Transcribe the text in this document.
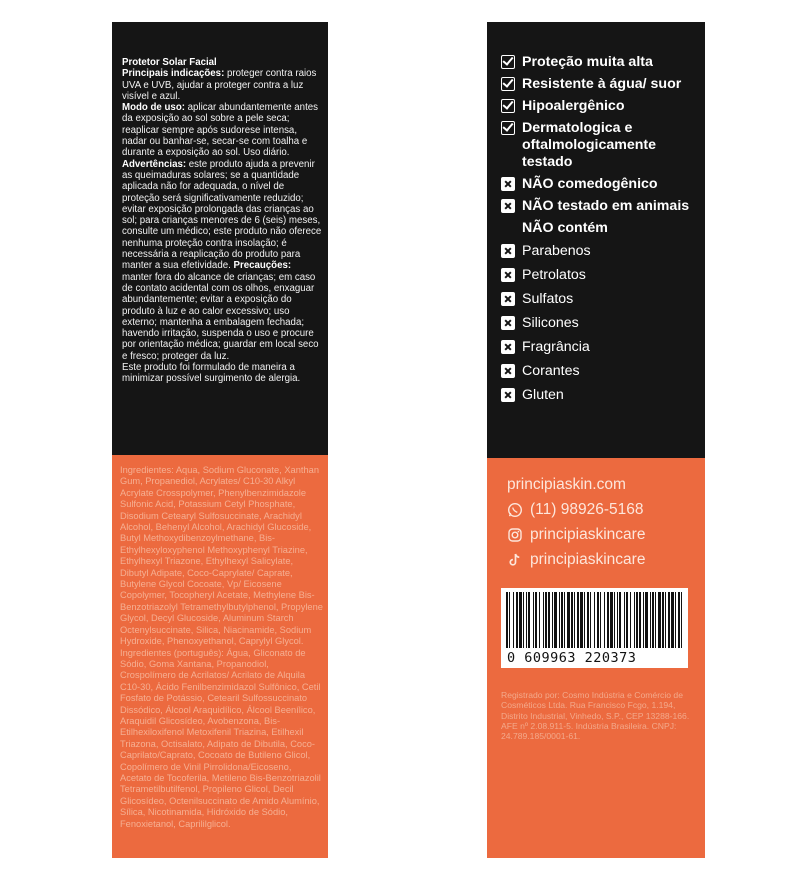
Protetor Solar Facial
Principais indicações: proteger contra raios UVA e UVB, ajudar a proteger contra a luz visível e azul.
Modo de uso: aplicar abundantemente antes da exposição ao sol sobre a pele seca; reaplicar sempre após sudorese intensa, nadar ou banhar-se, secar-se com toalha e durante a exposição ao sol. Uso diário.
Advertências: este produto ajuda a prevenir as queimaduras solares; se a quantidade aplicada não for adequada, o nível de proteção será significativamente reduzido; evitar exposição prolongada das crianças ao sol; para crianças menores de 6 (seis) meses, consulte um médico; este produto não oferece nenhuma proteção contra insolação; é necessária a reaplicação do produto para manter a sua efetividade. Precauções: manter fora do alcance de crianças; em caso de contato acidental com os olhos, enxaguar abundantemente; evitar a exposição do produto à luz e ao calor excessivo; uso externo; mantenha a embalagem fechada; havendo irritação, suspenda o uso e procure por orientação médica; guardar em local seco e fresco; proteger da luz.
Este produto foi formulado de maneira a minimizar possível surgimento de alergia.
Ingredientes: Aqua, Sodium Gluconate, Xanthan Gum, Propanediol, Acrylates/ C10-30 Alkyl Acrylate Crosspolymer, Phenylbenzimidazole Sulfonic Acid, Potassium Cetyl Phosphate, Disodium Cetearyl Sulfosuccinate, Arachidyl Alcohol, Behenyl Alcohol, Arachidyl Glucoside, Butyl Methoxydibenzoylmethane, Bis-Ethylhexyloxyphenol Methoxyphenyl Triazine, Ethylhexyl Triazone, Ethylhexyl Salicylate, Dibutyl Adipate, Coco-Caprylate/ Caprate, Butylene Glycol Cocoate, Vp/ Eicosene Copolymer, Tocopheryl Acetate, Methylene Bis-Benzotriazolyl Tetramethylbutylphenol, Propylene Glycol, Decyl Glucoside, Aluminum Starch Octenylsuccinate, Silica, Niacinamide, Sodium Hydroxide, Phenoxyethanol, Caprylyl Glycol. Ingredientes (português): Água, Gliconato de Sódio, Goma Xantana, Propanodiol, Crospolímero de Acrilatos/ Acrilato de Alquila C10-30, Ácido Fenilbenzimidazol Sulfônico, Cetil Fosfato de Potássio, Cetearil Sulfossuccinato Dissódico, Álcool Araquidílico, Álcool Beenílico, Araquidil Glicosídeo, Avobenzona, Bis-Etilhexiloxifenol Metoxifenil Triazina, Etilhexil Triazona, Octisalato, Adipato de Dibutila, Coco-Caprilato/Caprato, Cocoato de Butileno Glicol, Copolímero de Vinil Pirrolidona/Eicoseno, Acetato de Tocoferila, Metileno Bis-Benzotriazolil Tetrametilbutilfenol, Propileno Glicol, Decil Glicosídeo, Octenilsuccinato de Amido Alumínio, Sílica, Nicotinamida, Hidróxido de Sódio, Fenoxietanol, Caprililglicol.
Proteção muita alta
Resistente à água/ suor
Hipoalergênico
Dermatologica e oftalmologicamente testado
NÃO comedogênico
NÃO testado em animais
NÃO contém
Parabenos
Petrolatos
Sulfatos
Silicones
Fragrância
Corantes
Gluten
principiaskin.com
(11) 98926-5168
principiaskincare
principiaskincare
0 609963 220373
Registrado por: Cosmo Indústria e Comércio de Cosméticos Ltda. Rua Francisco Fcgo, 1.194, Distrito Industrial, Vinhedo, S.P., CEP 13288-166. AFE nº 2.08.911-5. Indústria Brasileira. CNPJ: 24.789.185/0001-61.
